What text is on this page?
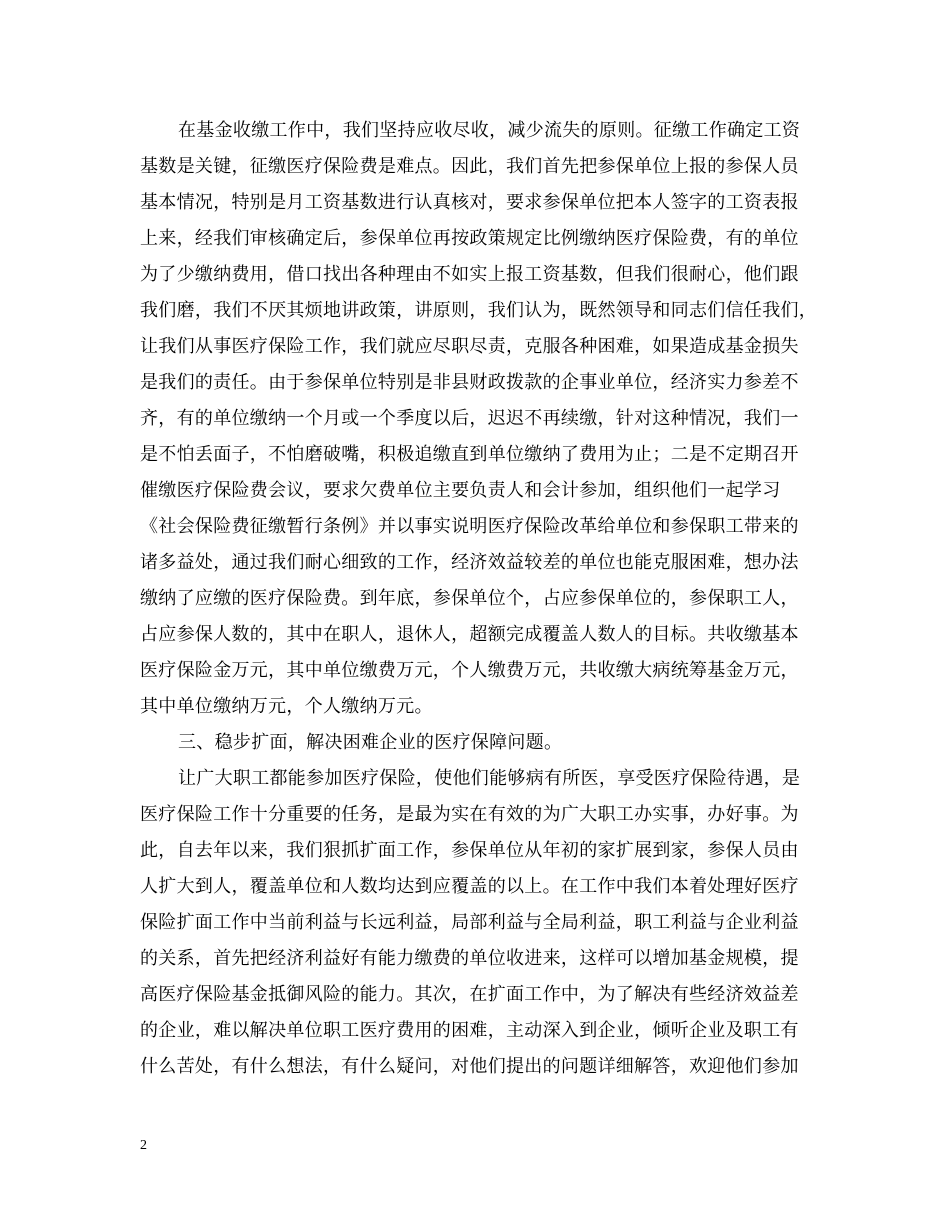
在基金收缴工作中，我们坚持应收尽收，减少流失的原则。征缴工作确定工资
基数是关键，征缴医疗保险费是难点。因此，我们首先把参保单位上报的参保人员
基本情况，特别是月工资基数进行认真核对，要求参保单位把本人签字的工资表报
上来，经我们审核确定后，参保单位再按政策规定比例缴纳医疗保险费，有的单位
为了少缴纳费用，借口找出各种理由不如实上报工资基数，但我们很耐心，他们跟
我们磨，我们不厌其烦地讲政策，讲原则，我们认为，既然领导和同志们信任我们，
让我们从事医疗保险工作，我们就应尽职尽责，克服各种困难，如果造成基金损失
是我们的责任。由于参保单位特别是非县财政拨款的企事业单位，经济实力参差不
齐，有的单位缴纳一个月或一个季度以后，迟迟不再续缴，针对这种情况，我们一
是不怕丢面子，不怕磨破嘴，积极追缴直到单位缴纳了费用为止；二是不定期召开
催缴医疗保险费会议，要求欠费单位主要负责人和会计参加，组织他们一起学习
《社会保险费征缴暂行条例》并以事实说明医疗保险改革给单位和参保职工带来的
诸多益处，通过我们耐心细致的工作，经济效益较差的单位也能克服困难，想办法
缴纳了应缴的医疗保险费。到年底，参保单位个，占应参保单位的，参保职工人，
占应参保人数的，其中在职人，退休人，超额完成覆盖人数人的目标。共收缴基本
医疗保险金万元，其中单位缴费万元，个人缴费万元，共收缴大病统筹基金万元，
其中单位缴纳万元，个人缴纳万元。
三、稳步扩面，解决困难企业的医疗保障问题。
让广大职工都能参加医疗保险，使他们能够病有所医，享受医疗保险待遇，是
医疗保险工作十分重要的任务，是最为实在有效的为广大职工办实事，办好事。为
此，自去年以来，我们狠抓扩面工作，参保单位从年初的家扩展到家，参保人员由
人扩大到人，覆盖单位和人数均达到应覆盖的以上。在工作中我们本着处理好医疗
保险扩面工作中当前利益与长远利益，局部利益与全局利益，职工利益与企业利益
的关系，首先把经济利益好有能力缴费的单位收进来，这样可以增加基金规模，提
高医疗保险基金抵御风险的能力。其次，在扩面工作中，为了解决有些经济效益差
的企业，难以解决单位职工医疗费用的困难，主动深入到企业，倾听企业及职工有
什么苦处，有什么想法，有什么疑问，对他们提出的问题详细解答，欢迎他们参加
2
